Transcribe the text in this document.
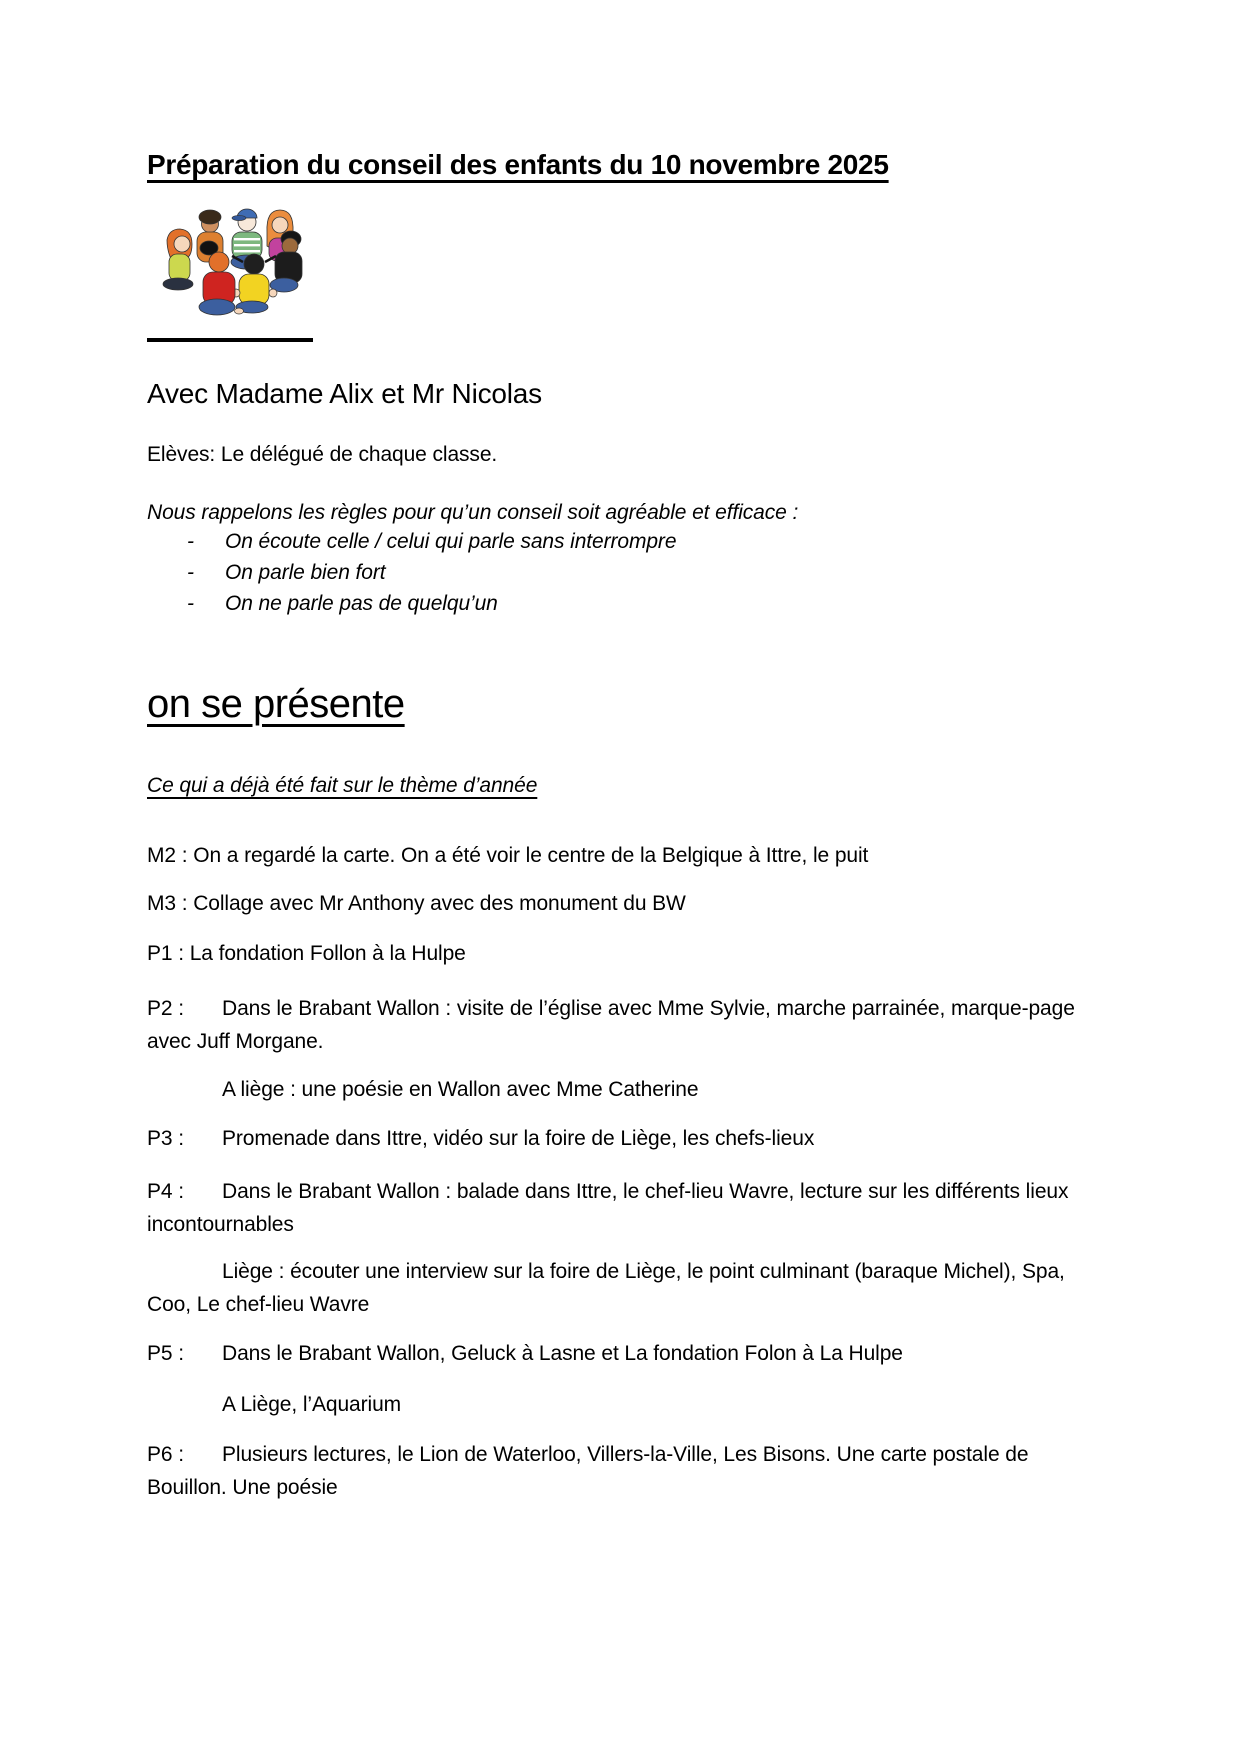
Préparation du conseil des enfants du 10 novembre 2025
Avec Madame Alix et Mr Nicolas
Elèves: Le délégué de chaque classe.
Nous rappelons les règles pour qu’un conseil soit agréable et efficace :
- On écoute celle / celui qui parle sans interrompre
- On parle bien fort
- On ne parle pas de quelqu’un
on se présente
Ce qui a déjà été fait sur le thème d’année

M2 : On a regardé la carte. On a été voir le centre de la Belgique à Ittre, le puit

M3 : Collage avec Mr Anthony avec des monument du BW

P1 : La fondation Follon à la Hulpe

P2 : Dans le Brabant Wallon : visite de l’église avec Mme Sylvie, marche parrainée, marque-page avec Juff Morgane.

A liège : une poésie en Wallon avec Mme Catherine

P3 : Promenade dans Ittre, vidéo sur la foire de Liège, les chefs-lieux

P4 : Dans le Brabant Wallon : balade dans Ittre, le chef-lieu Wavre, lecture sur les différents lieux incontournables

Liège : écouter une interview sur la foire de Liège, le point culminant (baraque Michel), Spa, Coo, Le chef-lieu Wavre

P5 : Dans le Brabant Wallon, Geluck à Lasne et La fondation Folon à La Hulpe

A Liège, l’Aquarium

P6 : Plusieurs lectures, le Lion de Waterloo, Villers-la-Ville, Les Bisons. Une carte postale de Bouillon. Une poésie
